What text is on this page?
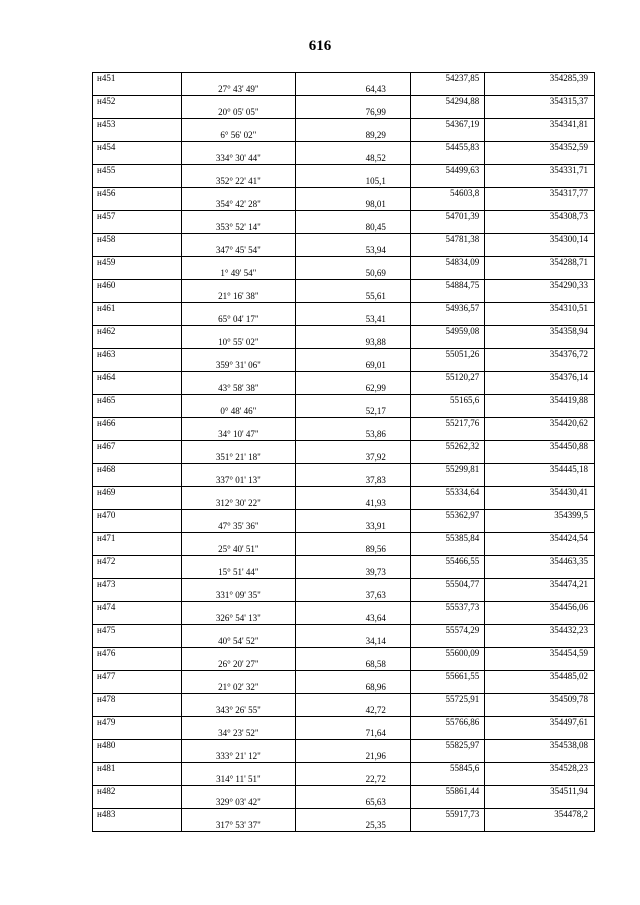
616
н451			54237,85	354285,39
	27° 43' 49"	64,43		
н452			54294,88	354315,37
	20° 05' 05"	76,99		
н453			54367,19	354341,81
	6° 56' 02"	89,29		
н454			54455,83	354352,59
	334° 30' 44"	48,52		
н455			54499,63	354331,71
	352° 22' 41"	105,1		
н456			54603,8	354317,77
	354° 42' 28"	98,01		
н457			54701,39	354308,73
	353° 52' 14"	80,45		
н458			54781,38	354300,14
	347° 45' 54"	53,94		
н459			54834,09	354288,71
	1° 49' 54"	50,69		
н460			54884,75	354290,33
	21° 16' 38"	55,61		
н461			54936,57	354310,51
	65° 04' 17"	53,41		
н462			54959,08	354358,94
	10° 55' 02"	93,88		
н463			55051,26	354376,72
	359° 31' 06"	69,01		
н464			55120,27	354376,14
	43° 58' 38"	62,99		
н465			55165,6	354419,88
	0° 48' 46"	52,17		
н466			55217,76	354420,62
	34° 10' 47"	53,86		
н467			55262,32	354450,88
	351° 21' 18"	37,92		
н468			55299,81	354445,18
	337° 01' 13"	37,83		
н469			55334,64	354430,41
	312° 30' 22"	41,93		
н470			55362,97	354399,5
	47° 35' 36"	33,91		
н471			55385,84	354424,54
	25° 40' 51"	89,56		
н472			55466,55	354463,35
	15° 51' 44"	39,73		
н473			55504,77	354474,21
	331° 09' 35"	37,63		
н474			55537,73	354456,06
	326° 54' 13"	43,64		
н475			55574,29	354432,23
	40° 54' 52"	34,14		
н476			55600,09	354454,59
	26° 20' 27"	68,58		
н477			55661,55	354485,02
	21° 02' 32"	68,96		
н478			55725,91	354509,78
	343° 26' 55"	42,72		
н479			55766,86	354497,61
	34° 23' 52"	71,64		
н480			55825,97	354538,08
	333° 21' 12"	21,96		
н481			55845,6	354528,23
	314° 11' 51"	22,72		
н482			55861,44	354511,94
	329° 03' 42"	65,63		
н483			55917,73	354478,2
	317° 53' 37"	25,35		
